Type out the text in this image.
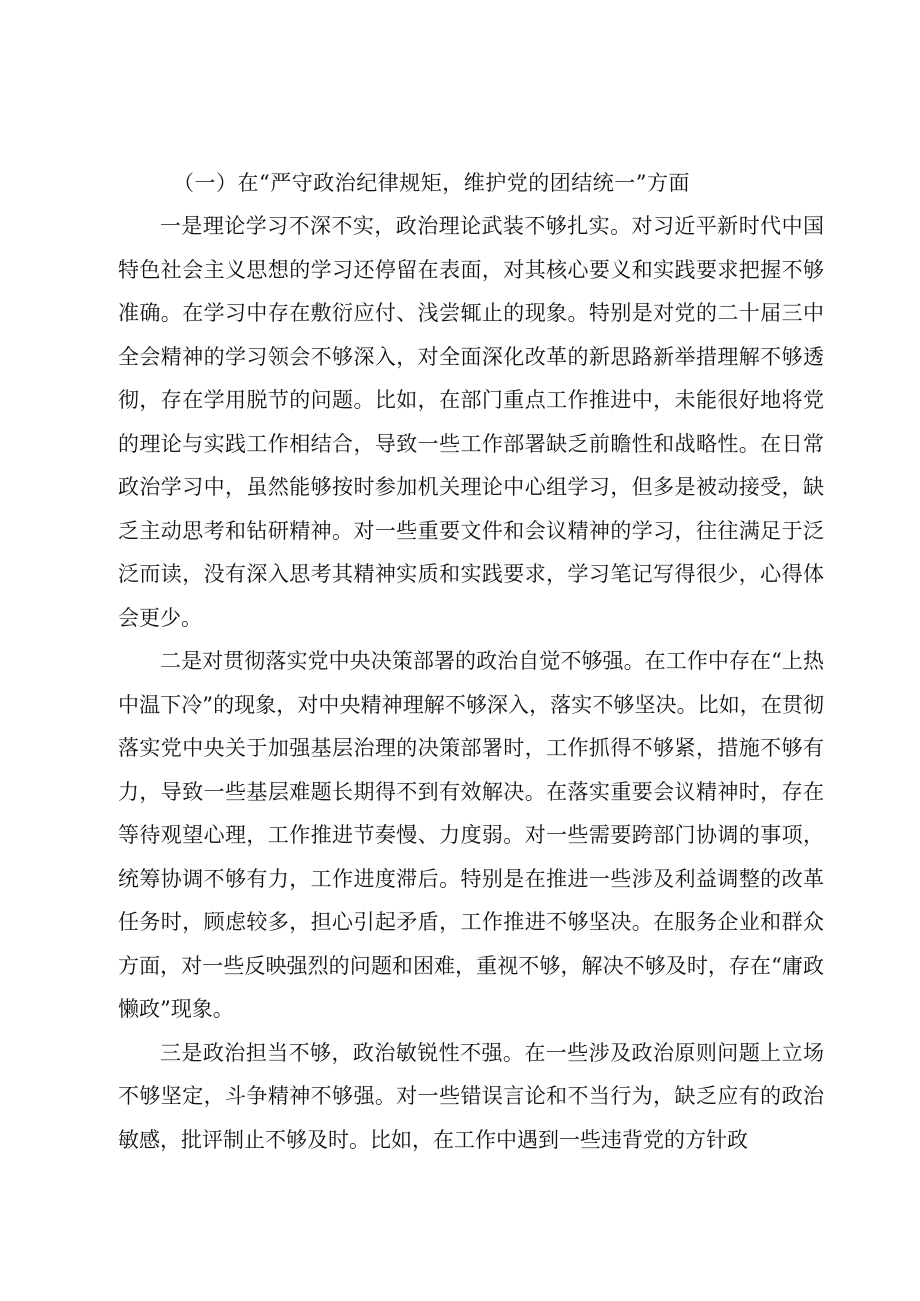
（一）在“严守政治纪律规矩，维护党的团结统一”方面

一是理论学习不深不实，政治理论武装不够扎实。对习近平新时代中国特色社会主义思想的学习还停留在表面，对其核心要义和实践要求把握不够准确。在学习中存在敷衍应付、浅尝辄止的现象。特别是对党的二十届三中全会精神的学习领会不够深入，对全面深化改革的新思路新举措理解不够透彻，存在学用脱节的问题。比如，在部门重点工作推进中，未能很好地将党的理论与实践工作相结合，导致一些工作部署缺乏前瞻性和战略性。在日常政治学习中，虽然能够按时参加机关理论中心组学习，但多是被动接受，缺乏主动思考和钻研精神。对一些重要文件和会议精神的学习，往往满足于泛泛而读，没有深入思考其精神实质和实践要求，学习笔记写得很少，心得体会更少。

二是对贯彻落实党中央决策部署的政治自觉不够强。在工作中存在“上热中温下冷”的现象，对中央精神理解不够深入，落实不够坚决。比如，在贯彻落实党中央关于加强基层治理的决策部署时，工作抓得不够紧，措施不够有力，导致一些基层难题长期得不到有效解决。在落实重要会议精神时，存在等待观望心理，工作推进节奏慢、力度弱。对一些需要跨部门协调的事项，统筹协调不够有力，工作进度滞后。特别是在推进一些涉及利益调整的改革任务时，顾虑较多，担心引起矛盾，工作推进不够坚决。在服务企业和群众方面，对一些反映强烈的问题和困难，重视不够，解决不够及时，存在“庸政懒政”现象。

三是政治担当不够，政治敏锐性不强。在一些涉及政治原则问题上立场不够坚定，斗争精神不够强。对一些错误言论和不当行为，缺乏应有的政治敏感，批评制止不够及时。比如，在工作中遇到一些违背党的方针政
